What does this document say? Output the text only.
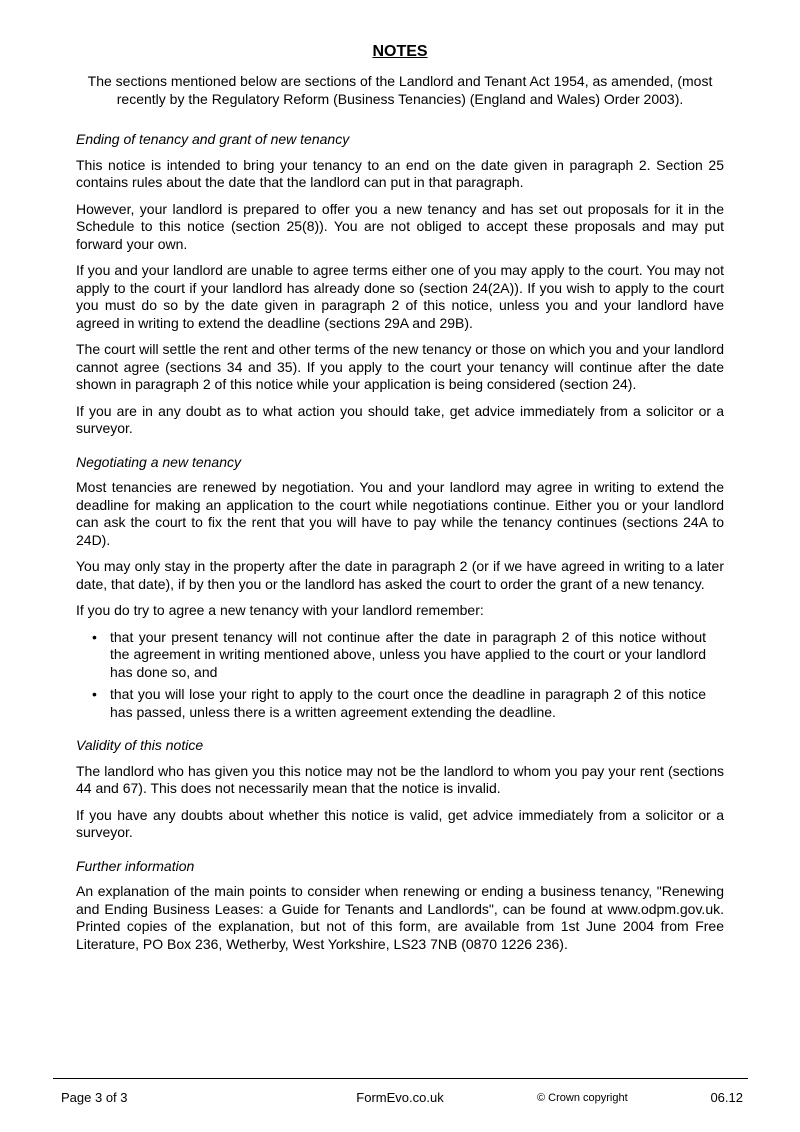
NOTES

The sections mentioned below are sections of the Landlord and Tenant Act 1954, as amended, (most recently by the Regulatory Reform (Business Tenancies) (England and Wales) Order 2003).

Ending of tenancy and grant of new tenancy

This notice is intended to bring your tenancy to an end on the date given in paragraph 2. Section 25 contains rules about the date that the landlord can put in that paragraph.

However, your landlord is prepared to offer you a new tenancy and has set out proposals for it in the Schedule to this notice (section 25(8)). You are not obliged to accept these proposals and may put forward your own.

If you and your landlord are unable to agree terms either one of you may apply to the court. You may not apply to the court if your landlord has already done so (section 24(2A)). If you wish to apply to the court you must do so by the date given in paragraph 2 of this notice, unless you and your landlord have agreed in writing to extend the deadline (sections 29A and 29B).

The court will settle the rent and other terms of the new tenancy or those on which you and your landlord cannot agree (sections 34 and 35). If you apply to the court your tenancy will continue after the date shown in paragraph 2 of this notice while your application is being considered (section 24).

If you are in any doubt as to what action you should take, get advice immediately from a solicitor or a surveyor.

Negotiating a new tenancy

Most tenancies are renewed by negotiation. You and your landlord may agree in writing to extend the deadline for making an application to the court while negotiations continue. Either you or your landlord can ask the court to fix the rent that you will have to pay while the tenancy continues (sections 24A to 24D).

You may only stay in the property after the date in paragraph 2 (or if we have agreed in writing to a later date, that date), if by then you or the landlord has asked the court to order the grant of a new tenancy.

If you do try to agree a new tenancy with your landlord remember:

• that your present tenancy will not continue after the date in paragraph 2 of this notice without the agreement in writing mentioned above, unless you have applied to the court or your landlord has done so, and
• that you will lose your right to apply to the court once the deadline in paragraph 2 of this notice has passed, unless there is a written agreement extending the deadline.

Validity of this notice

The landlord who has given you this notice may not be the landlord to whom you pay your rent (sections 44 and 67). This does not necessarily mean that the notice is invalid.

If you have any doubts about whether this notice is valid, get advice immediately from a solicitor or a surveyor.

Further information

An explanation of the main points to consider when renewing or ending a business tenancy, "Renewing and Ending Business Leases: a Guide for Tenants and Landlords", can be found at www.odpm.gov.uk. Printed copies of the explanation, but not of this form, are available from 1st June 2004 from Free Literature, PO Box 236, Wetherby, West Yorkshire, LS23 7NB (0870 1226 236).

Page 3 of 3	FormEvo.co.uk	© Crown copyright	06.12
